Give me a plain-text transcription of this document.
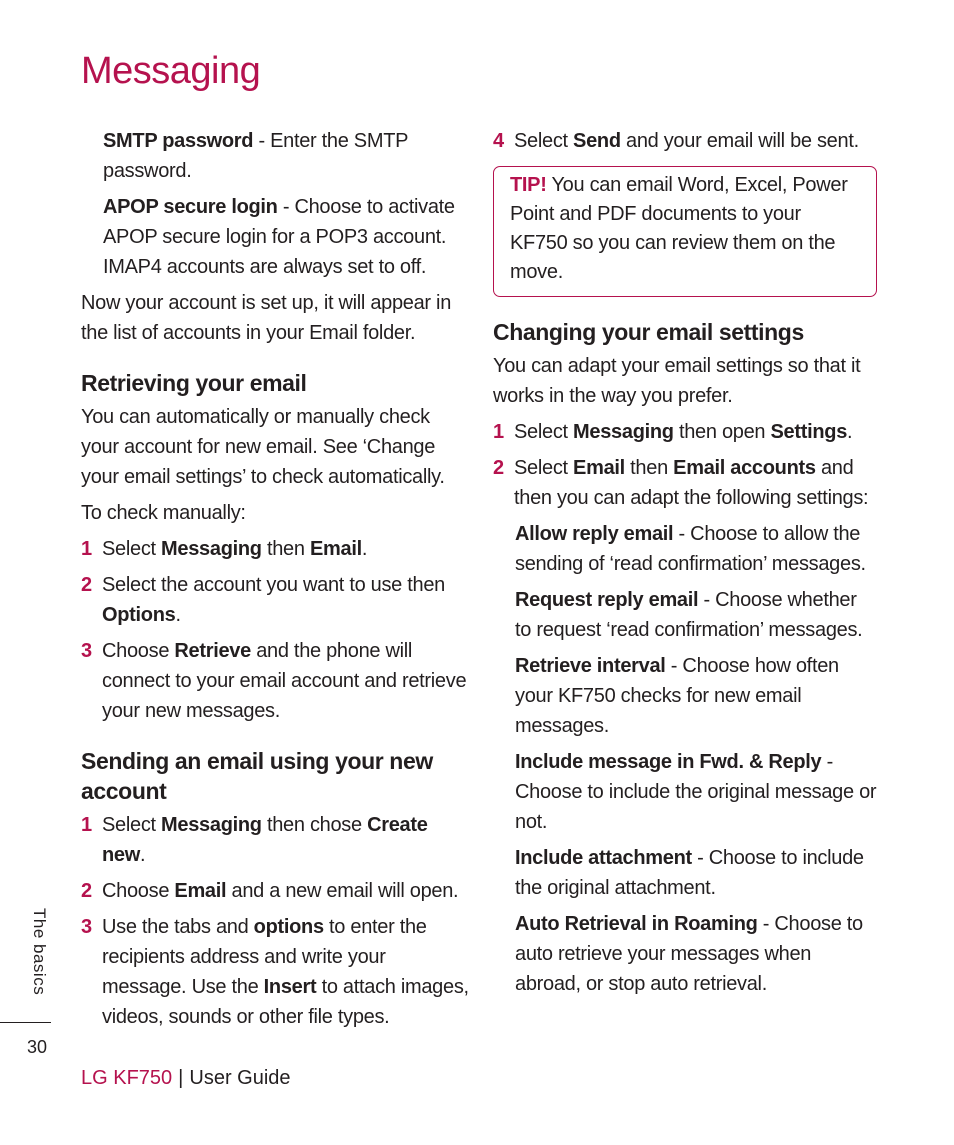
Messaging

SMTP password - Enter the SMTP password.

APOP secure login - Choose to activate APOP secure login for a POP3 account. IMAP4 accounts are always set to off.

Now your account is set up, it will appear in the list of accounts in your Email folder.

Retrieving your email

You can automatically or manually check your account for new email. See ‘Change your email settings’ to check automatically.

To check manually:

1 Select Messaging then Email.
2 Select the account you want to use then Options.
3 Choose Retrieve and the phone will connect to your email account and retrieve your new messages.
Sending an email using your new account
1 Select Messaging then chose Create new.
2 Choose Email and a new email will open.
3 Use the tabs and options to enter the recipients address and write your message. Use the Insert to attach images, videos, sounds or other file types.
4 Select Send and your email will be sent.
TIP! You can email Word, Excel, Power Point and PDF documents to your KF750 so you can review them on the move.
Changing your email settings

You can adapt your email settings so that it works in the way you prefer.

1 Select Messaging then open Settings.
2 Select Email then Email accounts and then you can adapt the following settings:

Allow reply email - Choose to allow the sending of ‘read confirmation’ messages.

Request reply email - Choose whether to request ‘read confirmation’ messages.

Retrieve interval - Choose how often your KF750 checks for new email messages.

Include message in Fwd. & Reply - Choose to include the original message or not.

Include attachment - Choose to include the original attachment.

Auto Retrieval in Roaming - Choose to auto retrieve your messages when abroad, or stop auto retrieval.

The basics
30
LG KF750 | User Guide
